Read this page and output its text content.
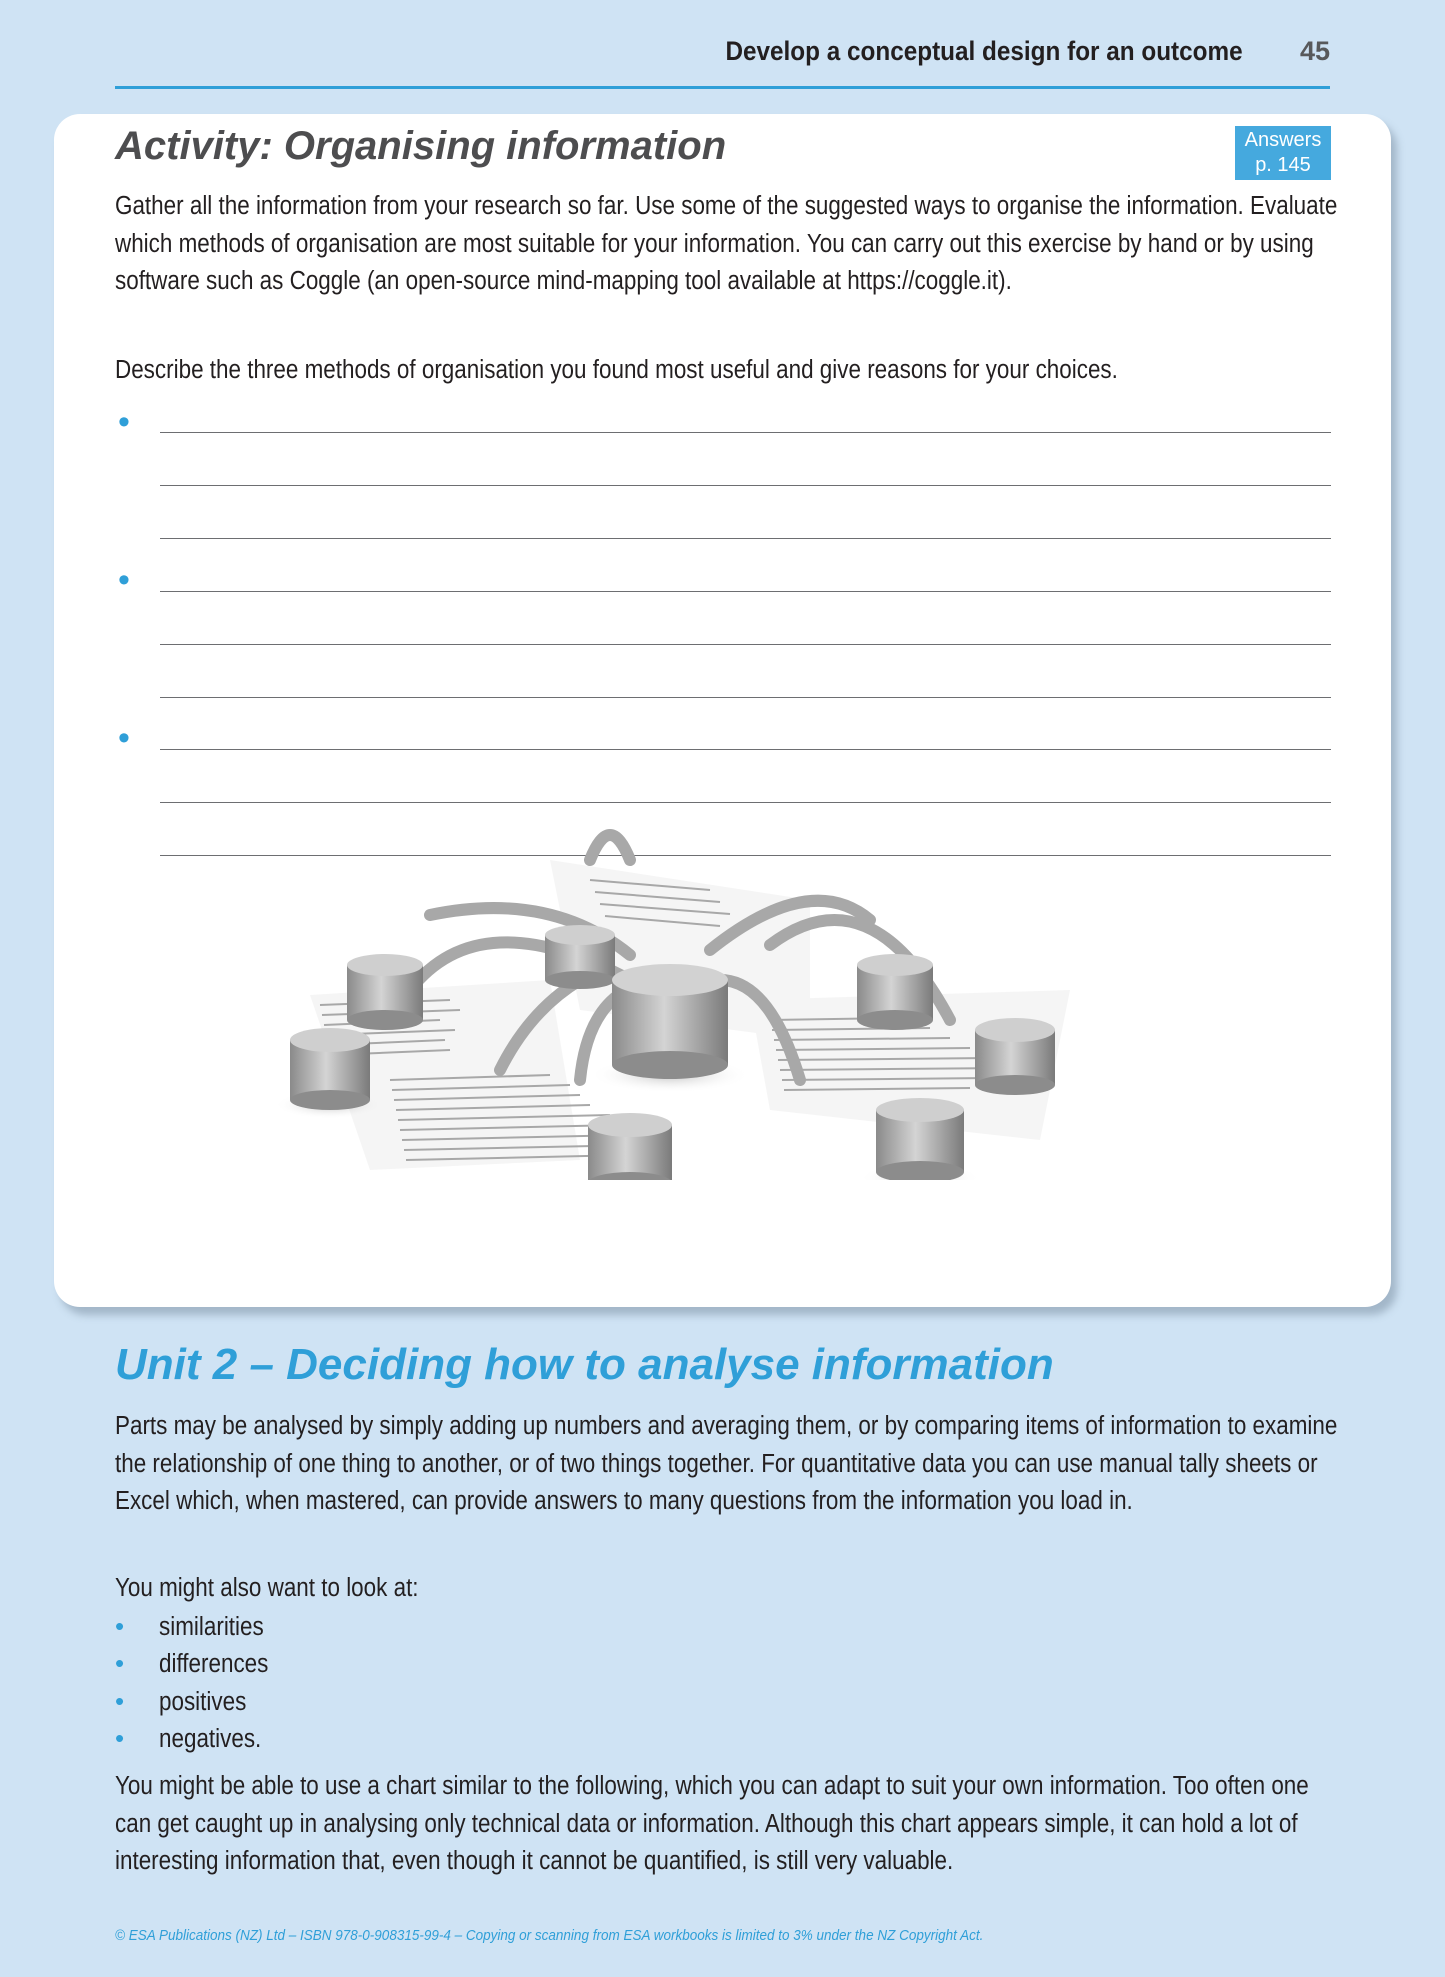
Develop a conceptual design for an outcome 45
Activity: Organising information	Answers
p. 145
Gather all the information from your research so far. Use some of the suggested ways to organise the information. Evaluate which methods of organisation are most suitable for your information. You can carry out this exercise by hand or by using software such as Coggle (an open-source mind-mapping tool available at https://coggle.it).
Describe the three methods of organisation you found most useful and give reasons for your choices.
•
•
•
Unit 2 – Deciding how to analyse information
Parts may be analysed by simply adding up numbers and averaging them, or by comparing items of information to examine the relationship of one thing to another, or of two things together. For quantitative data you can use manual tally sheets or Excel which, when mastered, can provide answers to many questions from the information you load in.
You might also want to look at:
• similarities
• differences
• positives
• negatives.
You might be able to use a chart similar to the following, which you can adapt to suit your own information. Too often one can get caught up in analysing only technical data or information. Although this chart appears simple, it can hold a lot of interesting information that, even though it cannot be quantified, is still very valuable.
© ESA Publications (NZ) Ltd – ISBN 978-0-908315-99-4 – Copying or scanning from ESA workbooks is limited to 3% under the NZ Copyright Act.
